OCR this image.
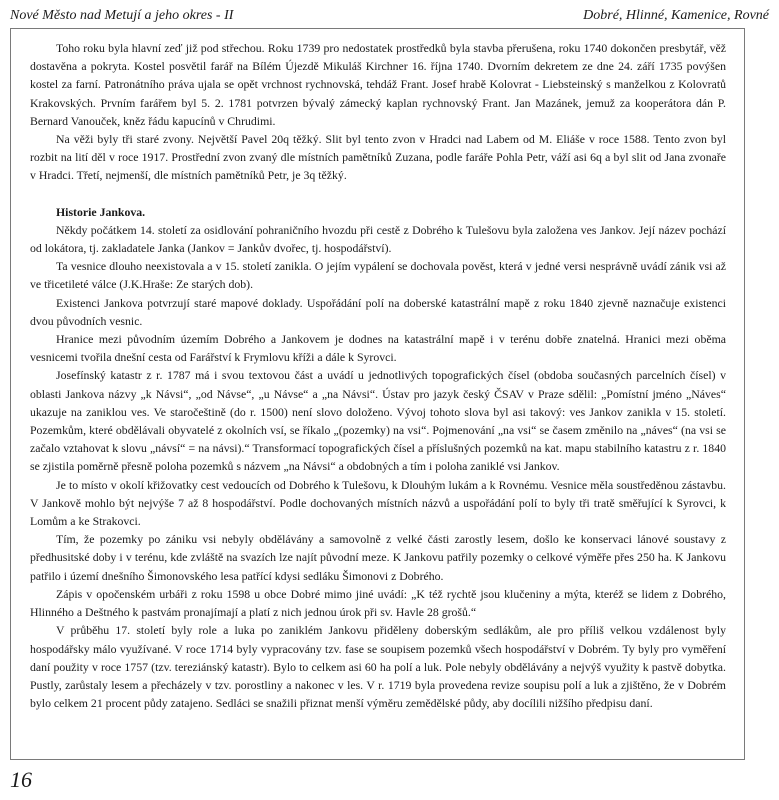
Nové Město nad Metují a jeho okres - II	Dobré, Hlinné, Kamenice, Rovné

Toho roku byla hlavní zeď již pod střechou. Roku 1739 pro nedostatek prostředků byla stavba přerušena, roku 1740 dokončen presbytář, věž dostavěna a pokryta. Kostel posvětil farář na Bílém Újezdě Mikuláš Kirchner 16. října 1740. Dvorním dekretem ze dne 24. září 1735 povýšen kostel za farní. Patronátního práva ujala se opět vrchnost rychnovská, tehdáž Frant. Josef hrabě Kolovrat - Liebsteinský s manželkou z Kolovratů Krakovských. Prvním farářem byl 5. 2. 1781 potvrzen bývalý zámecký kaplan rychnovský Frant. Jan Mazánek, jemuž za kooperátora dán P. Bernard Vanouček, kněz řádu kapucínů v Chrudimi.

Na věži byly tři staré zvony. Největší Pavel 20q těžký. Slit byl tento zvon v Hradci nad Labem od M. Eliáše v roce 1588. Tento zvon byl rozbit na lití děl v roce 1917. Prostřední zvon zvaný dle místních pamětníků Zuzana, podle faráře Pohla Petr, váží asi 6q a byl slit od Jana zvonaře v Hradci. Třetí, nejmenší, dle místních pamětníků Petr, je 3q těžký.

Historie Jankova.

Někdy počátkem 14. století za osidlování pohraničního hvozdu při cestě z Dobrého k Tulešovu byla založena ves Jankov. Její název pochází od lokátora, tj. zakladatele Janka (Jankov = Jankův dvořec, tj. hospodářství).

Ta vesnice dlouho neexistovala a v 15. století zanikla. O jejím vypálení se dochovala pověst, která v jedné versi nesprávně uvádí zánik vsi až ve třicetileté válce (J.K.Hraše: Ze starých dob).

Existenci Jankova potvrzují staré mapové doklady. Uspořádání polí na doberské katastrální mapě z roku 1840 zjevně naznačuje existenci dvou původních vesnic.

Hranice mezi původním územím Dobrého a Jankovem je dodnes na katastrální mapě i v terénu dobře znatelná. Hranici mezi oběma vesnicemi tvořila dnešní cesta od Farářství k Frymlovu kříži a dále k Syrovci.

Josefínský katastr z r. 1787 má i svou textovou část a uvádí u jednotlivých topografických čísel (obdoba současných parcelních čísel) v oblasti Jankova názvy „k Návsi“, „od Návse“, „u Návse“ a „na Návsi“. Ústav pro jazyk český ČSAV v Praze sdělil: „Pomístní jméno „Náves“ ukazuje na zaniklou ves. Ve staročeštině (do r. 1500) není slovo doloženo. Vývoj tohoto slova byl asi takový: ves Jankov zanikla v 15. století. Pozemkům, které obdělávali obyvatelé z okolních vsí, se říkalo „(pozemky) na vsi“. Pojmenování „na vsi“ se časem změnilo na „náves“ (na vsi se začalo vztahovat k slovu „návsí“ = na návsi).“ Transformací topografických čísel a příslušných pozemků na kat. mapu stabilního katastru z r. 1840 se zjistila poměrně přesně poloha pozemků s názvem „na Návsi“ a obdobných a tím i poloha zaniklé vsi Jankov.

Je to místo v okolí křižovatky cest vedoucích od Dobrého k Tulešovu, k Dlouhým lukám a k Rovnému. Vesnice měla soustředěnou zástavbu. V Jankově mohlo být nejvýše 7 až 8 hospodářství. Podle dochovaných místních názvů a uspořádání polí to byly tři tratě směřující k Syrovci, k Lomům a ke Strakovci.

Tím, že pozemky po zániku vsi nebyly obdělávány a samovolně z velké části zarostly lesem, došlo ke konservaci lánové soustavy z předhusitské doby i v terénu, kde zvláště na svazích lze najít původní meze. K Jankovu patřily pozemky o celkové výměře přes 250 ha. K Jankovu patřilo i území dnešního Šimonovského lesa patřící kdysi sedláku Šimonovi z Dobrého.

Zápis v opočenském urbáři z roku 1598 u obce Dobré mimo jiné uvádí: „K též rychtě jsou klučeniny a mýta, kteréž se lidem z Dobrého, Hlinného a Deštného k pastvám pronajímají a platí z nich jednou úrok při sv. Havle 28 grošů.“

V průběhu 17. století byly role a luka po zaniklém Jankovu přiděleny doberským sedlákům, ale pro příliš velkou vzdálenost byly hospodářsky málo využívané. V roce 1714 byly vypracovány tzv. fase se soupisem pozemků všech hospodářství v Dobrém. Ty byly pro vyměření daní použity v roce 1757 (tzv. tereziánský katastr). Bylo to celkem asi 60 ha polí a luk. Pole nebyly obdělávány a nejvýš využity k pastvě dobytka. Pustly, zarůstaly lesem a přecházely v tzv. porostliny a nakonec v les. V r. 1719 byla provedena revize soupisu polí a luk a zjištěno, že v Dobrém bylo celkem 21 procent půdy zatajeno. Sedláci se snažili přiznat menší výměru zemědělské půdy, aby docílili nižšího předpisu daní.

16
